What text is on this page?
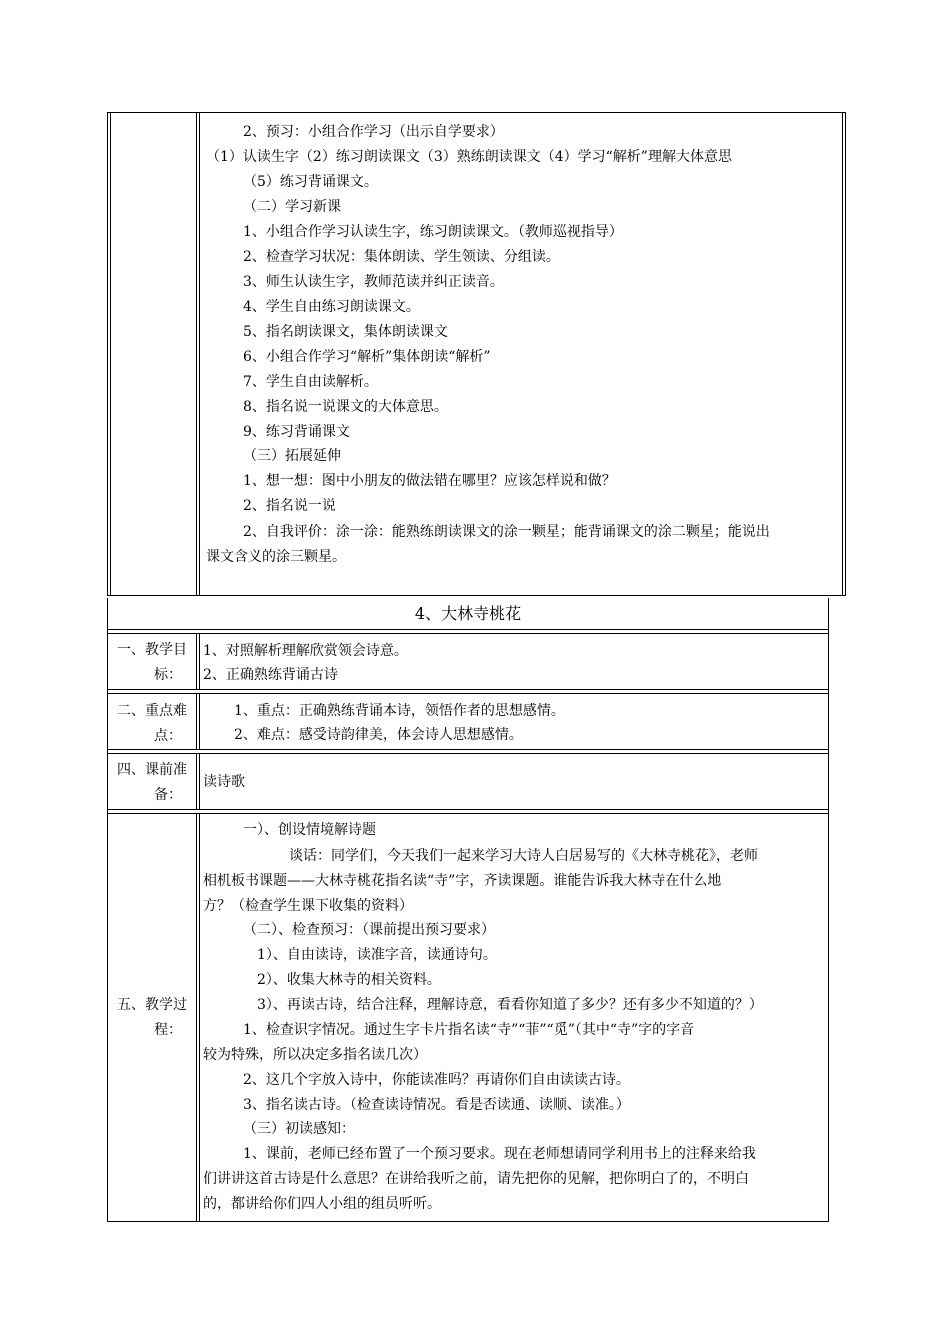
2、预习：小组合作学习（出示自学要求）
（1）认读生字（2）练习朗读课文（3）熟练朗读课文（4）学习“解析”理解大体意思
（5）练习背诵课文。
（二）学习新课
1、小组合作学习认读生字，练习朗读课文。（教师巡视指导）
2、检查学习状况：集体朗读、学生领读、分组读。
3、师生认读生字，教师范读并纠正读音。
4、学生自由练习朗读课文。
5、指名朗读课文，集体朗读课文
6、小组合作学习“解析”集体朗读“解析”
7、学生自由读解析。
8、指名说一说课文的大体意思。
9、练习背诵课文
（三）拓展延伸
1、想一想：图中小朋友的做法错在哪里？应该怎样说和做？
2、指名说一说
2、自我评价：涂一涂：能熟练朗读课文的涂一颗星；能背诵课文的涂二颗星；能说出
课文含义的涂三颗星。
4、大林寺桃花
一、教学目
标：
1、对照解析理解欣赏领会诗意。
2、正确熟练背诵古诗
二、重点难
点：
1、重点：正确熟练背诵本诗，领悟作者的思想感情。
2、难点：感受诗韵律美，体会诗人思想感情。
四、课前准
备：
读诗歌
五、教学过
程：
一）、创设情境解诗题
谈话：同学们，今天我们一起来学习大诗人白居易写的《大林寺桃花》，老师
相机板书课题——大林寺桃花指名读“寺”字，齐读课题。谁能告诉我大林寺在什么地
方？（检查学生课下收集的资料）
（二）、检查预习：（课前提出预习要求）
1）、自由读诗，读准字音，读通诗句。
2）、收集大林寺的相关资料。
3）、再读古诗，结合注释，理解诗意，看看你知道了多少？还有多少不知道的？）
1、检查识字情况。通过生字卡片指名读“寺”“菲”“觅”（其中“寺”字的字音
较为特殊，所以决定多指名读几次）
2、这几个字放入诗中，你能读准吗？再请你们自由读读古诗。
3、指名读古诗。（检查读诗情况。看是否读通、读顺、读准。）
（三）初读感知：
1、课前，老师已经布置了一个预习要求。现在老师想请同学利用书上的注释来给我
们讲讲这首古诗是什么意思？在讲给我听之前，请先把你的见解，把你明白了的，不明白
的，都讲给你们四人小组的组员听听。
